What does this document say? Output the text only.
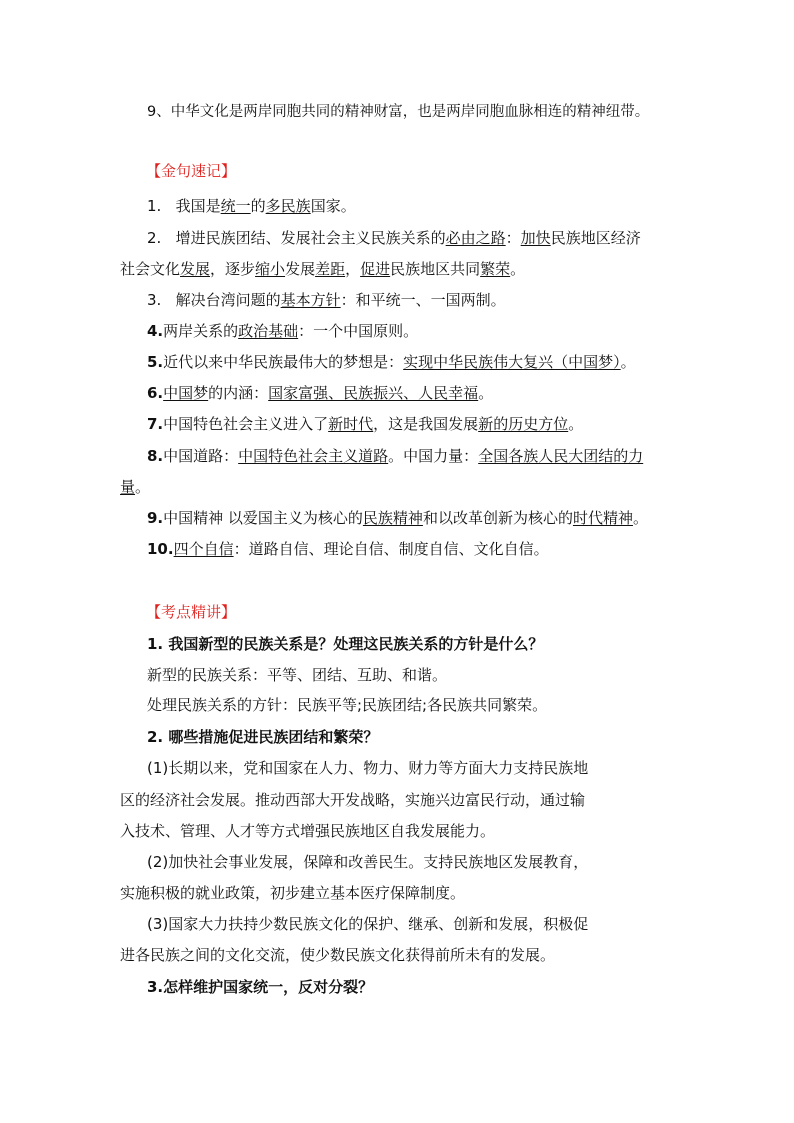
9、中华文化是两岸同胞共同的精神财富，也是两岸同胞血脉相连的精神纽带。
【金句速记】
1. 我国是统一的多民族国家。
2. 增进民族团结、发展社会主义民族关系的必由之路：加快民族地区经济
社会文化发展，逐步缩小发展差距，促进民族地区共同繁荣。
3. 解决台湾问题的基本方针：和平统一、一国两制。
4.两岸关系的政治基础：一个中国原则。
5.近代以来中华民族最伟大的梦想是：实现中华民族伟大复兴（中国梦）。
6.中国梦的内涵：国家富强、民族振兴、人民幸福。
7.中国特色社会主义进入了新时代，这是我国发展新的历史方位。
8.中国道路：中国特色社会主义道路。中国力量：全国各族人民大团结的力
量。
9.中国精神 以爱国主义为核心的民族精神和以改革创新为核心的时代精神。
10.四个自信：道路自信、理论自信、制度自信、文化自信。
【考点精讲】
1. 我国新型的民族关系是？处理这民族关系的方针是什么？
新型的民族关系：平等、团结、互助、和谐。
处理民族关系的方针：民族平等;民族团结;各民族共同繁荣。
2. 哪些措施促进民族团结和繁荣？
(1)长期以来，党和国家在人力、物力、财力等方面大力支持民族地
区的经济社会发展。推动西部大开发战略，实施兴边富民行动，通过输
入技术、管理、人才等方式增强民族地区自我发展能力。
(2)加快社会事业发展，保障和改善民生。支持民族地区发展教育，
实施积极的就业政策，初步建立基本医疗保障制度。
(3)国家大力扶持少数民族文化的保护、继承、创新和发展，积极促
进各民族之间的文化交流，使少数民族文化获得前所未有的发展。
3.怎样维护国家统一，反对分裂？
